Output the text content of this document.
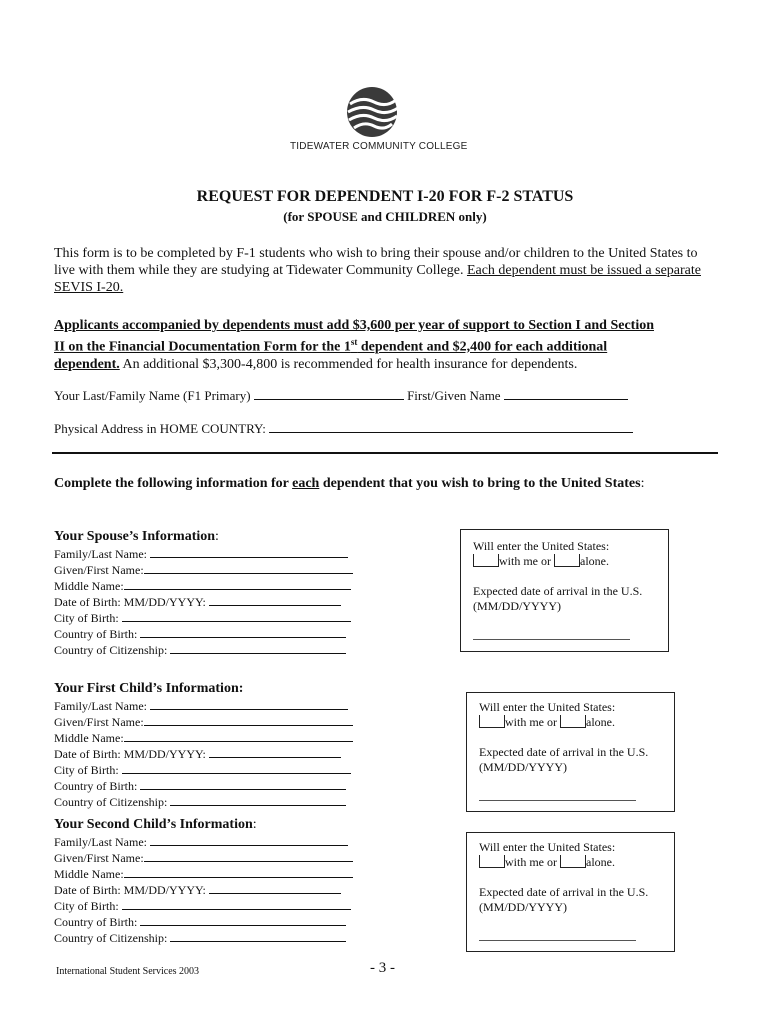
TIDEWATER COMMUNITY COLLEGE
REQUEST FOR DEPENDENT I-20 FOR F-2 STATUS
(for SPOUSE and CHILDREN only)
This form is to be completed by F-1 students who wish to bring their spouse and/or children to the United States to live with them while they are studying at Tidewater Community College. Each dependent must be issued a separate SEVIS I-20.
Applicants accompanied by dependents must add $3,600 per year of support to Section I and Section
II on the Financial Documentation Form for the 1st dependent and $2,400 for each additional
dependent. An additional $3,300-4,800 is recommended for health insurance for dependents.
Your Last/Family Name (F1 Primary)	First/Given Name
Physical Address in HOME COUNTRY:
Complete the following information for each dependent that you wish to bring to the United States:
Your Spouse’s Information:
Family/Last Name:
Given/First Name:
Middle Name:
Date of Birth: MM/DD/YYYY:
City of Birth:
Country of Birth:
Country of Citizenship:
Will enter the United States:
with me or alone.
Expected date of arrival in the U.S.
(MM/DD/YYYY)
Your First Child’s Information:
Family/Last Name:
Given/First Name:
Middle Name:
Date of Birth: MM/DD/YYYY:
City of Birth:
Country of Birth:
Country of Citizenship:
Will enter the United States:
with me or alone.
Expected date of arrival in the U.S.
(MM/DD/YYYY)
Your Second Child’s Information:
Family/Last Name:
Given/First Name:
Middle Name:
Date of Birth: MM/DD/YYYY:
City of Birth:
Country of Birth:
Country of Citizenship:
Will enter the United States:
with me or alone.
Expected date of arrival in the U.S.
(MM/DD/YYYY)
International Student Services 2003	- 3 -
